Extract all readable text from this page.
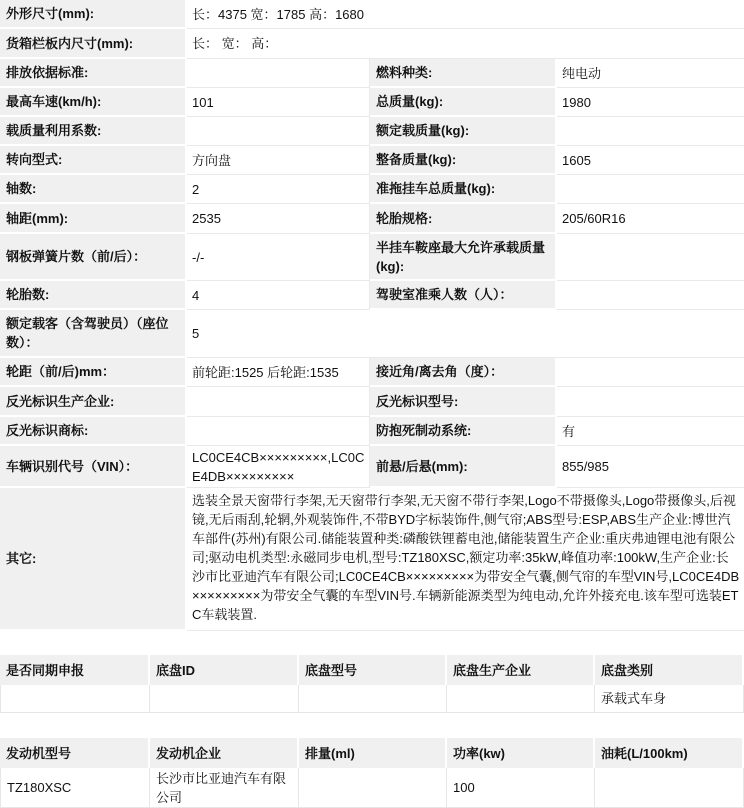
外形尺寸(mm):	长：4375 宽：1785 高：1680		
货箱栏板内尺寸(mm):	长： 宽： 高：		
排放依据标准:		燃料种类:	纯电动
最高车速(km/h):	101	总质量(kg):	1980
载质量利用系数:		额定载质量(kg):	
转向型式:	方向盘	整备质量(kg):	1605
轴数:	2	准拖挂车总质量(kg):	
轴距(mm):	2535	轮胎规格:	205/60R16
钢板弹簧片数（前/后）：	-/-	半挂车鞍座最大允许承载质量(kg):	
轮胎数:	4	驾驶室准乘人数（人）：	
额定载客（含驾驶员）（座位数）：	5		
轮距（前/后)mm：	前轮距:1525 后轮距:1535	接近角/离去角（度）：	
反光标识生产企业:		反光标识型号:	
反光标识商标:		防抱死制动系统:	有
车辆识别代号（VIN）：	LC0CE4CB×××××××××,LC0CE4DB×××××××××	前悬/后悬(mm):	855/985
其它:	选装全景天窗带行李架,无天窗带行李架,无天窗不带行李架,Logo不带摄像头,Logo带摄像头,后视镜,无后雨刮,轮辋,外观装饰件,不带BYD字标装饰件,侧气帘;ABS型号:ESP,ABS生产企业:博世汽车部件(苏州)有限公司.储能装置种类:磷酸铁锂蓄电池,储能装置生产企业:重庆弗迪锂电池有限公司;驱动电机类型:永磁同步电机,型号:TZ180XSC,额定功率:35kW,峰值功率:100kW,生产企业:长沙市比亚迪汽车有限公司;LC0CE4CB×××××××××为带安全气囊,侧气帘的车型VIN号,LC0CE4DB×××××××××为带安全气囊的车型VIN号.车辆新能源类型为纯电动,允许外接充电.该车型可选装ETC车载装置.		
是否同期申报	底盘ID	底盘型号	底盘生产企业	底盘类别
				承载式车身
发动机型号	发动机企业	排量(ml)	功率(kw)	油耗(L/100km)
TZ180XSC	长沙市比亚迪汽车有限公司		100	
